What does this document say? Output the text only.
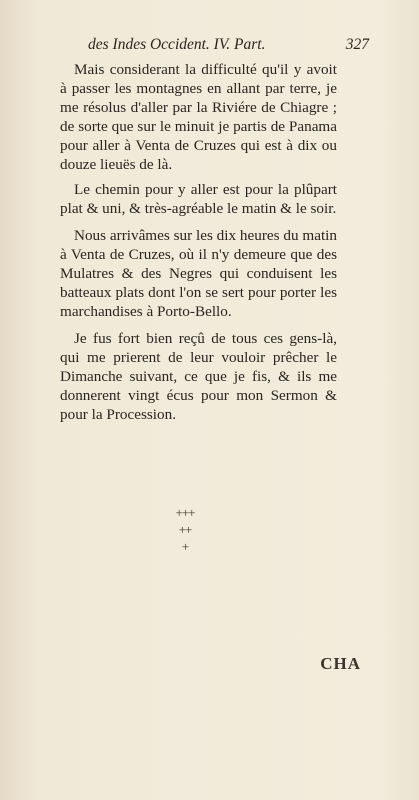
des Indes Occident. IV. Part.	327

Mais considerant la difficulté qu'il y avoit à passer les montagnes en allant par terre, je me résolus d'aller par la Riviére de Chiagre ; de sorte que sur le minuit je partis de Panama pour aller à Venta de Cruzes qui est à dix ou douze lieuës de là.

Le chemin pour y aller est pour la plûpart plat & uni, & très-agréable le matin & le soir.

Nous arrivâmes sur les dix heures du matin à Venta de Cruzes, où il n'y demeure que des Mulatres & des Negres qui conduisent les batteaux plats dont l'on se sert pour porter les marchandises à Porto-Bello.

Je fus fort bien reçû de tous ces gens-là, qui me prierent de leur vouloir prêcher le Dimanche suivant, ce que je fis, & ils me donnerent vingt écus pour mon Sermon & pour la Procession.

+++
++
+
CHA
